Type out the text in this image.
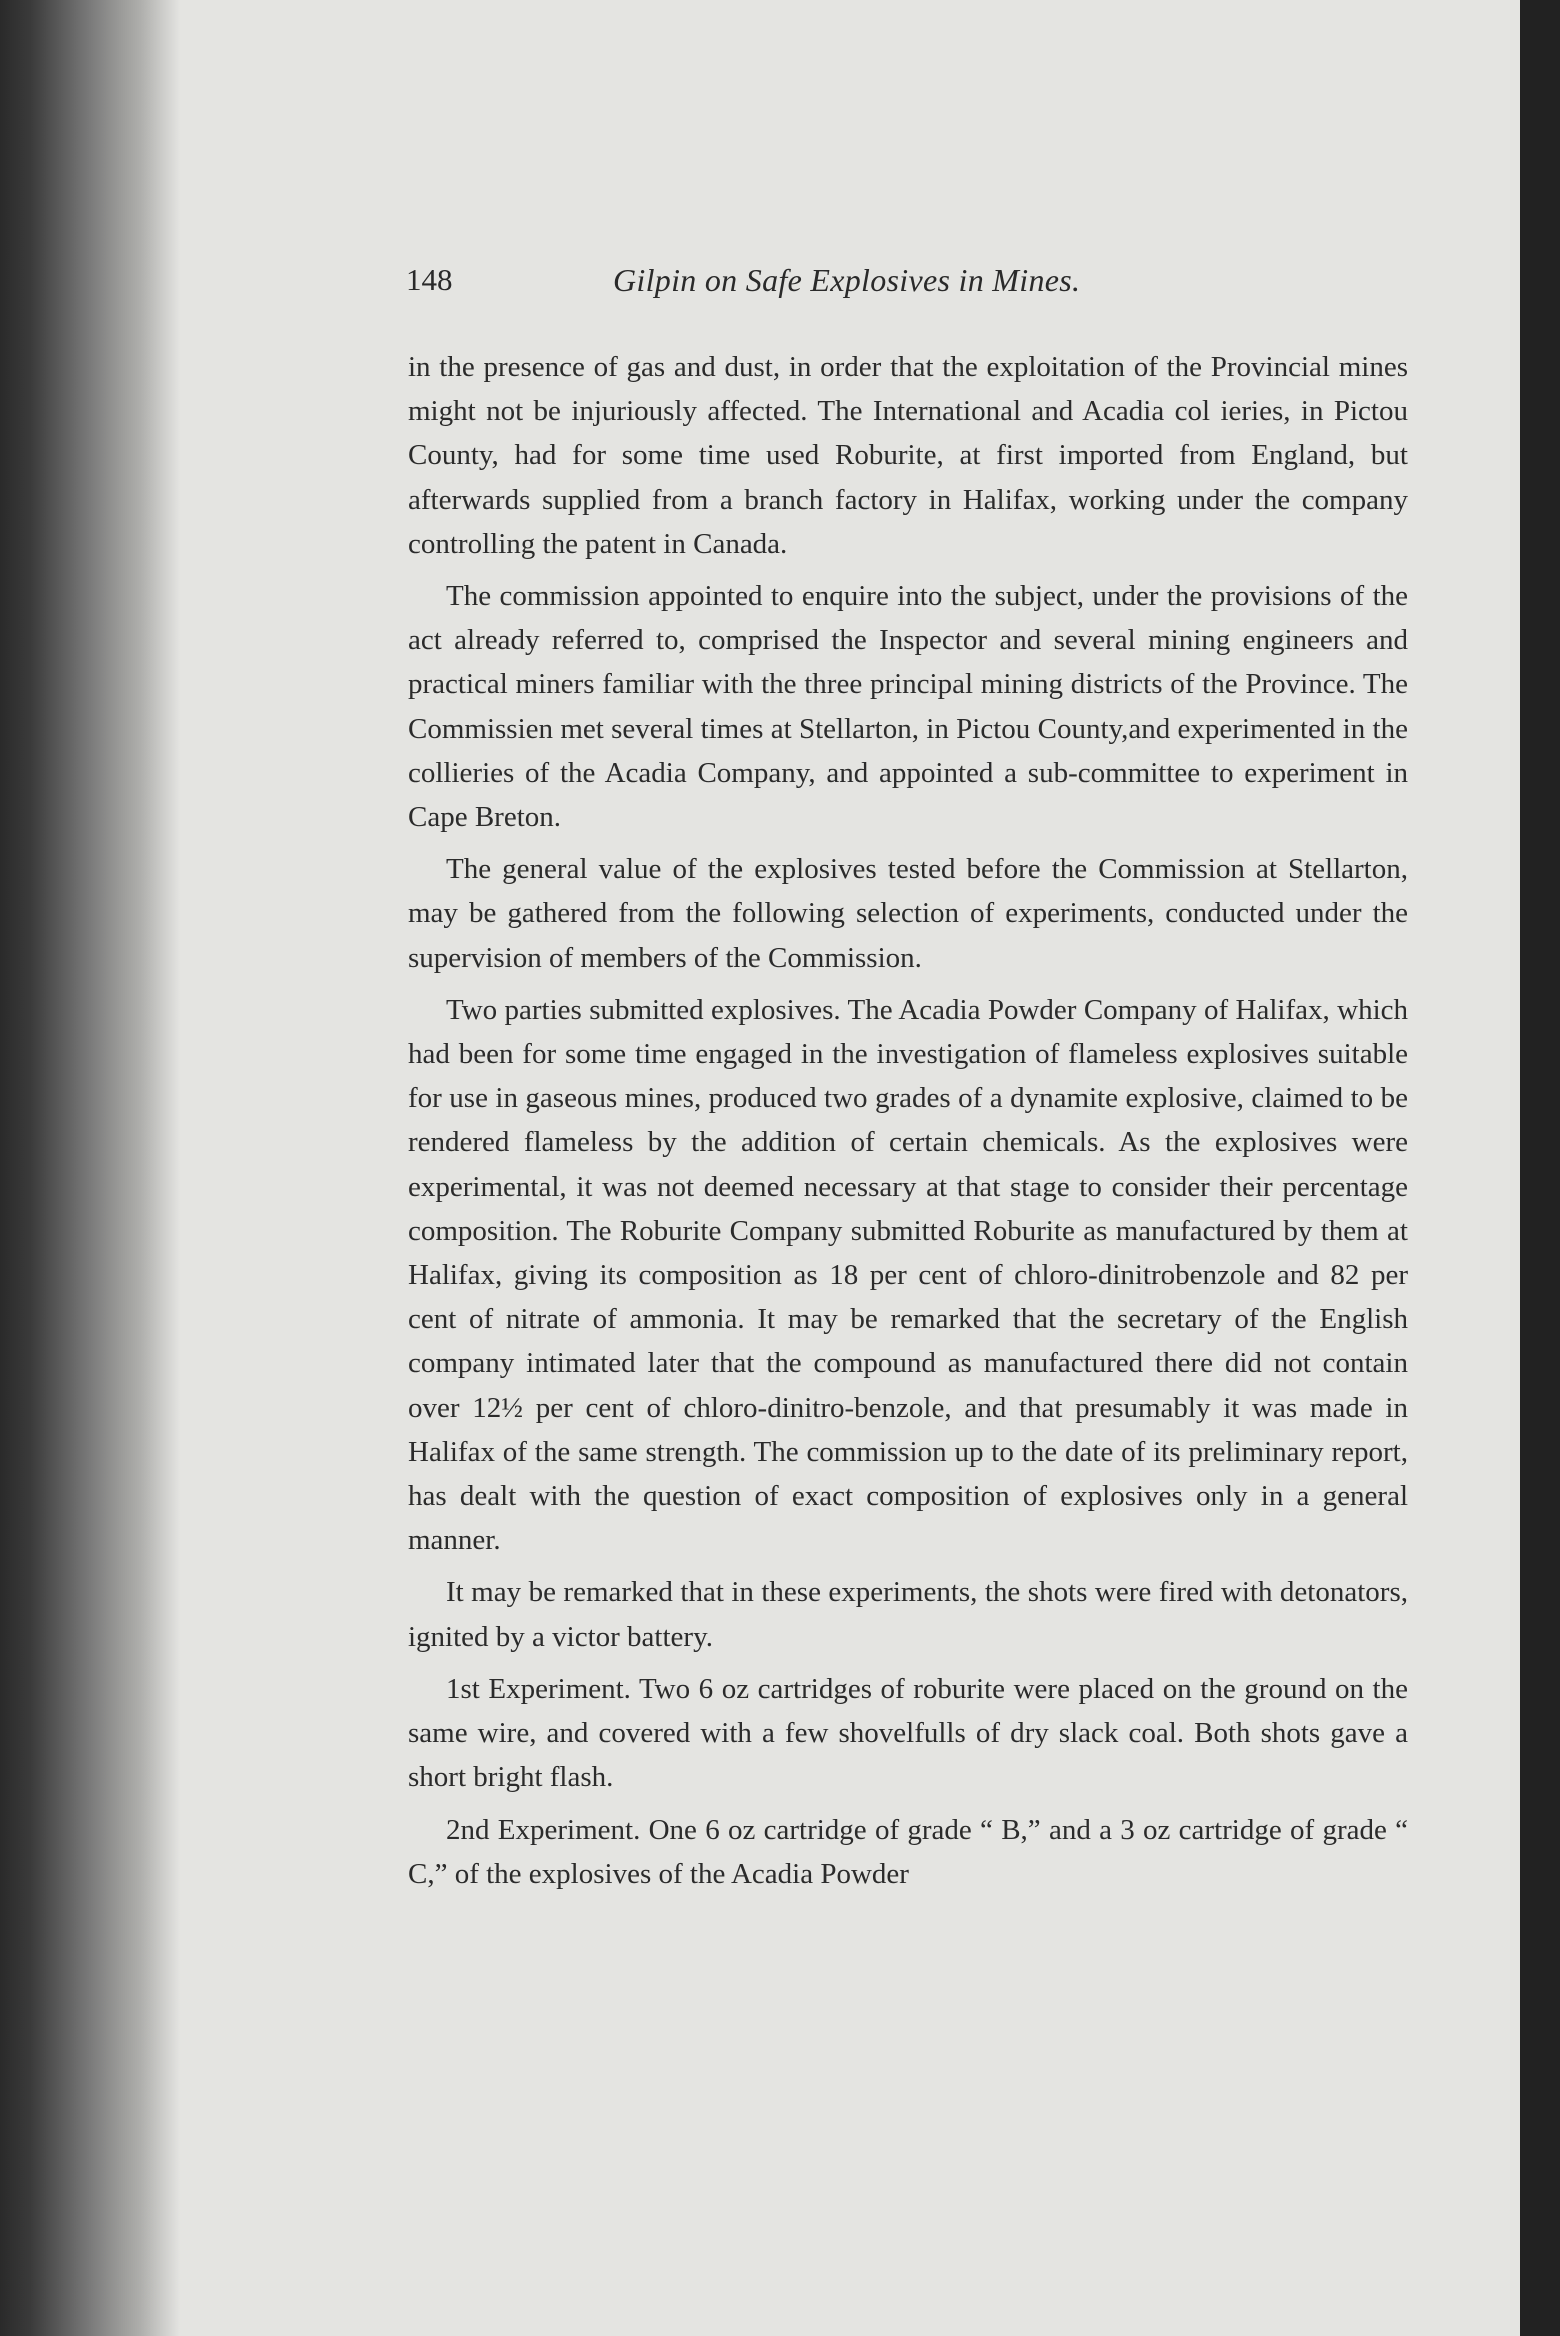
148	Gilpin on Safe Explosives in Mines.

in the presence of gas and dust, in order that the exploitation of the Provincial mines might not be injuriously affected. The International and Acadia col ieries, in Pictou County, had for some time used Roburite, at first imported from England, but afterwards supplied from a branch factory in Halifax, working under the company controlling the patent in Canada.

The commission appointed to enquire into the subject, under the provisions of the act already referred to, comprised the Inspector and several mining engineers and practical miners familiar with the three principal mining districts of the Province. The Commissien met several times at Stellarton, in Pictou County,and experimented in the collieries of the Acadia Company, and appointed a sub-committee to experiment in Cape Breton.

The general value of the explosives tested before the Commission at Stellarton, may be gathered from the following selection of experiments, conducted under the supervision of members of the Commission.

Two parties submitted explosives. The Acadia Powder Company of Halifax, which had been for some time engaged in the investigation of flameless explosives suitable for use in gaseous mines, produced two grades of a dynamite explosive, claimed to be rendered flameless by the addition of certain chemicals. As the explosives were experimental, it was not deemed necessary at that stage to consider their percentage composition. The Roburite Company submitted Roburite as manufactured by them at Halifax, giving its composition as 18 per cent of chloro-dinitrobenzole and 82 per cent of nitrate of ammonia. It may be remarked that the secretary of the English company intimated later that the compound as manufactured there did not contain over 12½ per cent of chloro-dinitro-benzole, and that presumably it was made in Halifax of the same strength. The commission up to the date of its preliminary report, has dealt with the question of exact composition of explosives only in a general manner.

It may be remarked that in these experiments, the shots were fired with detonators, ignited by a victor battery.

1st Experiment. Two 6 oz cartridges of roburite were placed on the ground on the same wire, and covered with a few shovelfulls of dry slack coal. Both shots gave a short bright flash.

2nd Experiment. One 6 oz cartridge of grade “ B,” and a 3 oz cartridge of grade “ C,” of the explosives of the Acadia Powder
